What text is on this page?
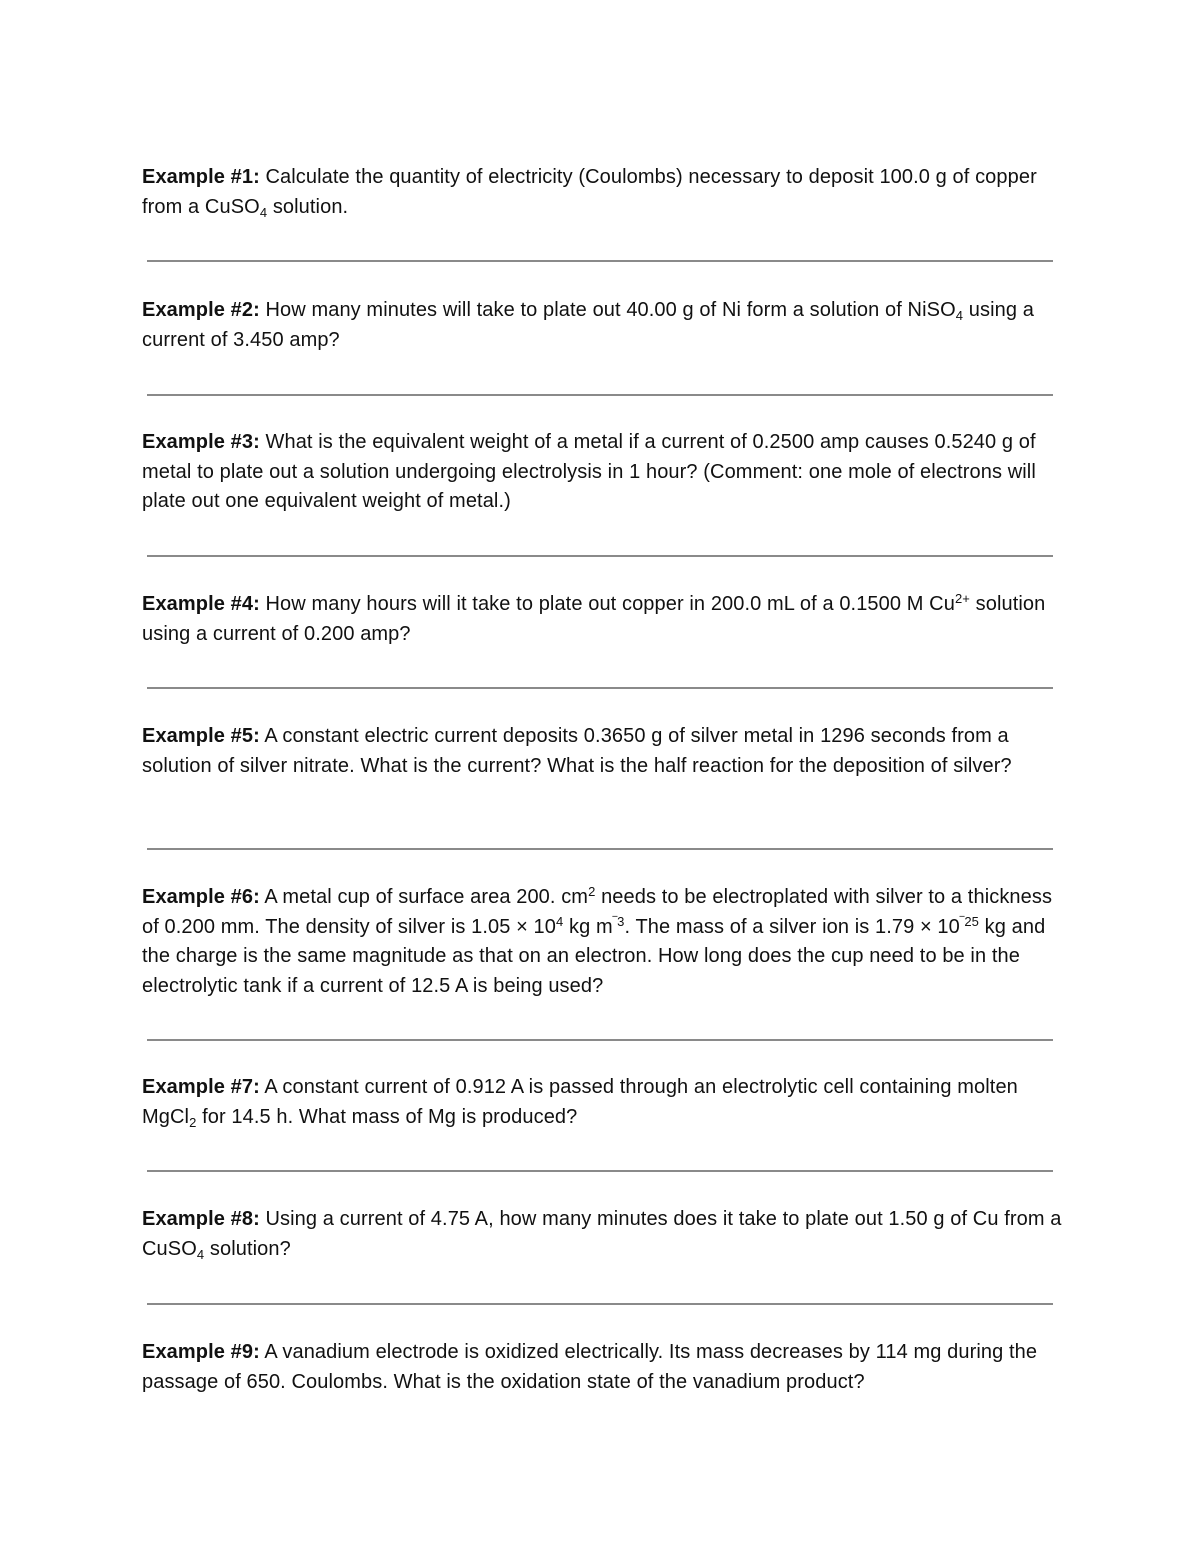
Example #1: Calculate the quantity of electricity (Coulombs) necessary to deposit 100.0 g of copper from a CuSO$_4$ solution.
Example #2: How many minutes will take to plate out 40.00 g of Ni form a solution of NiSO$_4$ using a current of 3.450 amp?
Example #3: What is the equivalent weight of a metal if a current of 0.2500 amp causes 0.5240 g of metal to plate out a solution undergoing electrolysis in 1 hour? (Comment: one mole of electrons will plate out one equivalent weight of metal.)
Example #4: How many hours will it take to plate out copper in 200.0 mL of a 0.1500 M $Cu^{2+}$ solution using a current of 0.200 amp?
Example #5: A constant electric current deposits 0.3650 g of silver metal in 1296 seconds from a solution of silver nitrate. What is the current? What is the half reaction for the deposition of silver?
Example #6: A metal cup of surface area 200. $cm^2$ needs to be electroplated with silver to a thickness of 0.200 mm. The density of silver is $1.05 \times 10^4$ kg $m^{‾3}$. The mass of a silver ion is $1.79 \times 10^{‾25}$ kg and the charge is the same magnitude as that on an electron. How long does the cup need to be in the electrolytic tank if a current of 12.5 A is being used?
Example #7: A constant current of 0.912 A is passed through an electrolytic cell containing molten MgCl$_2$ for 14.5 h. What mass of Mg is produced?
Example #8: Using a current of 4.75 A, how many minutes does it take to plate out 1.50 g of Cu from a CuSO$_4$ solution?
Example #9: A vanadium electrode is oxidized electrically. Its mass decreases by 114 mg during the passage of 650. Coulombs. What is the oxidation state of the vanadium product?
